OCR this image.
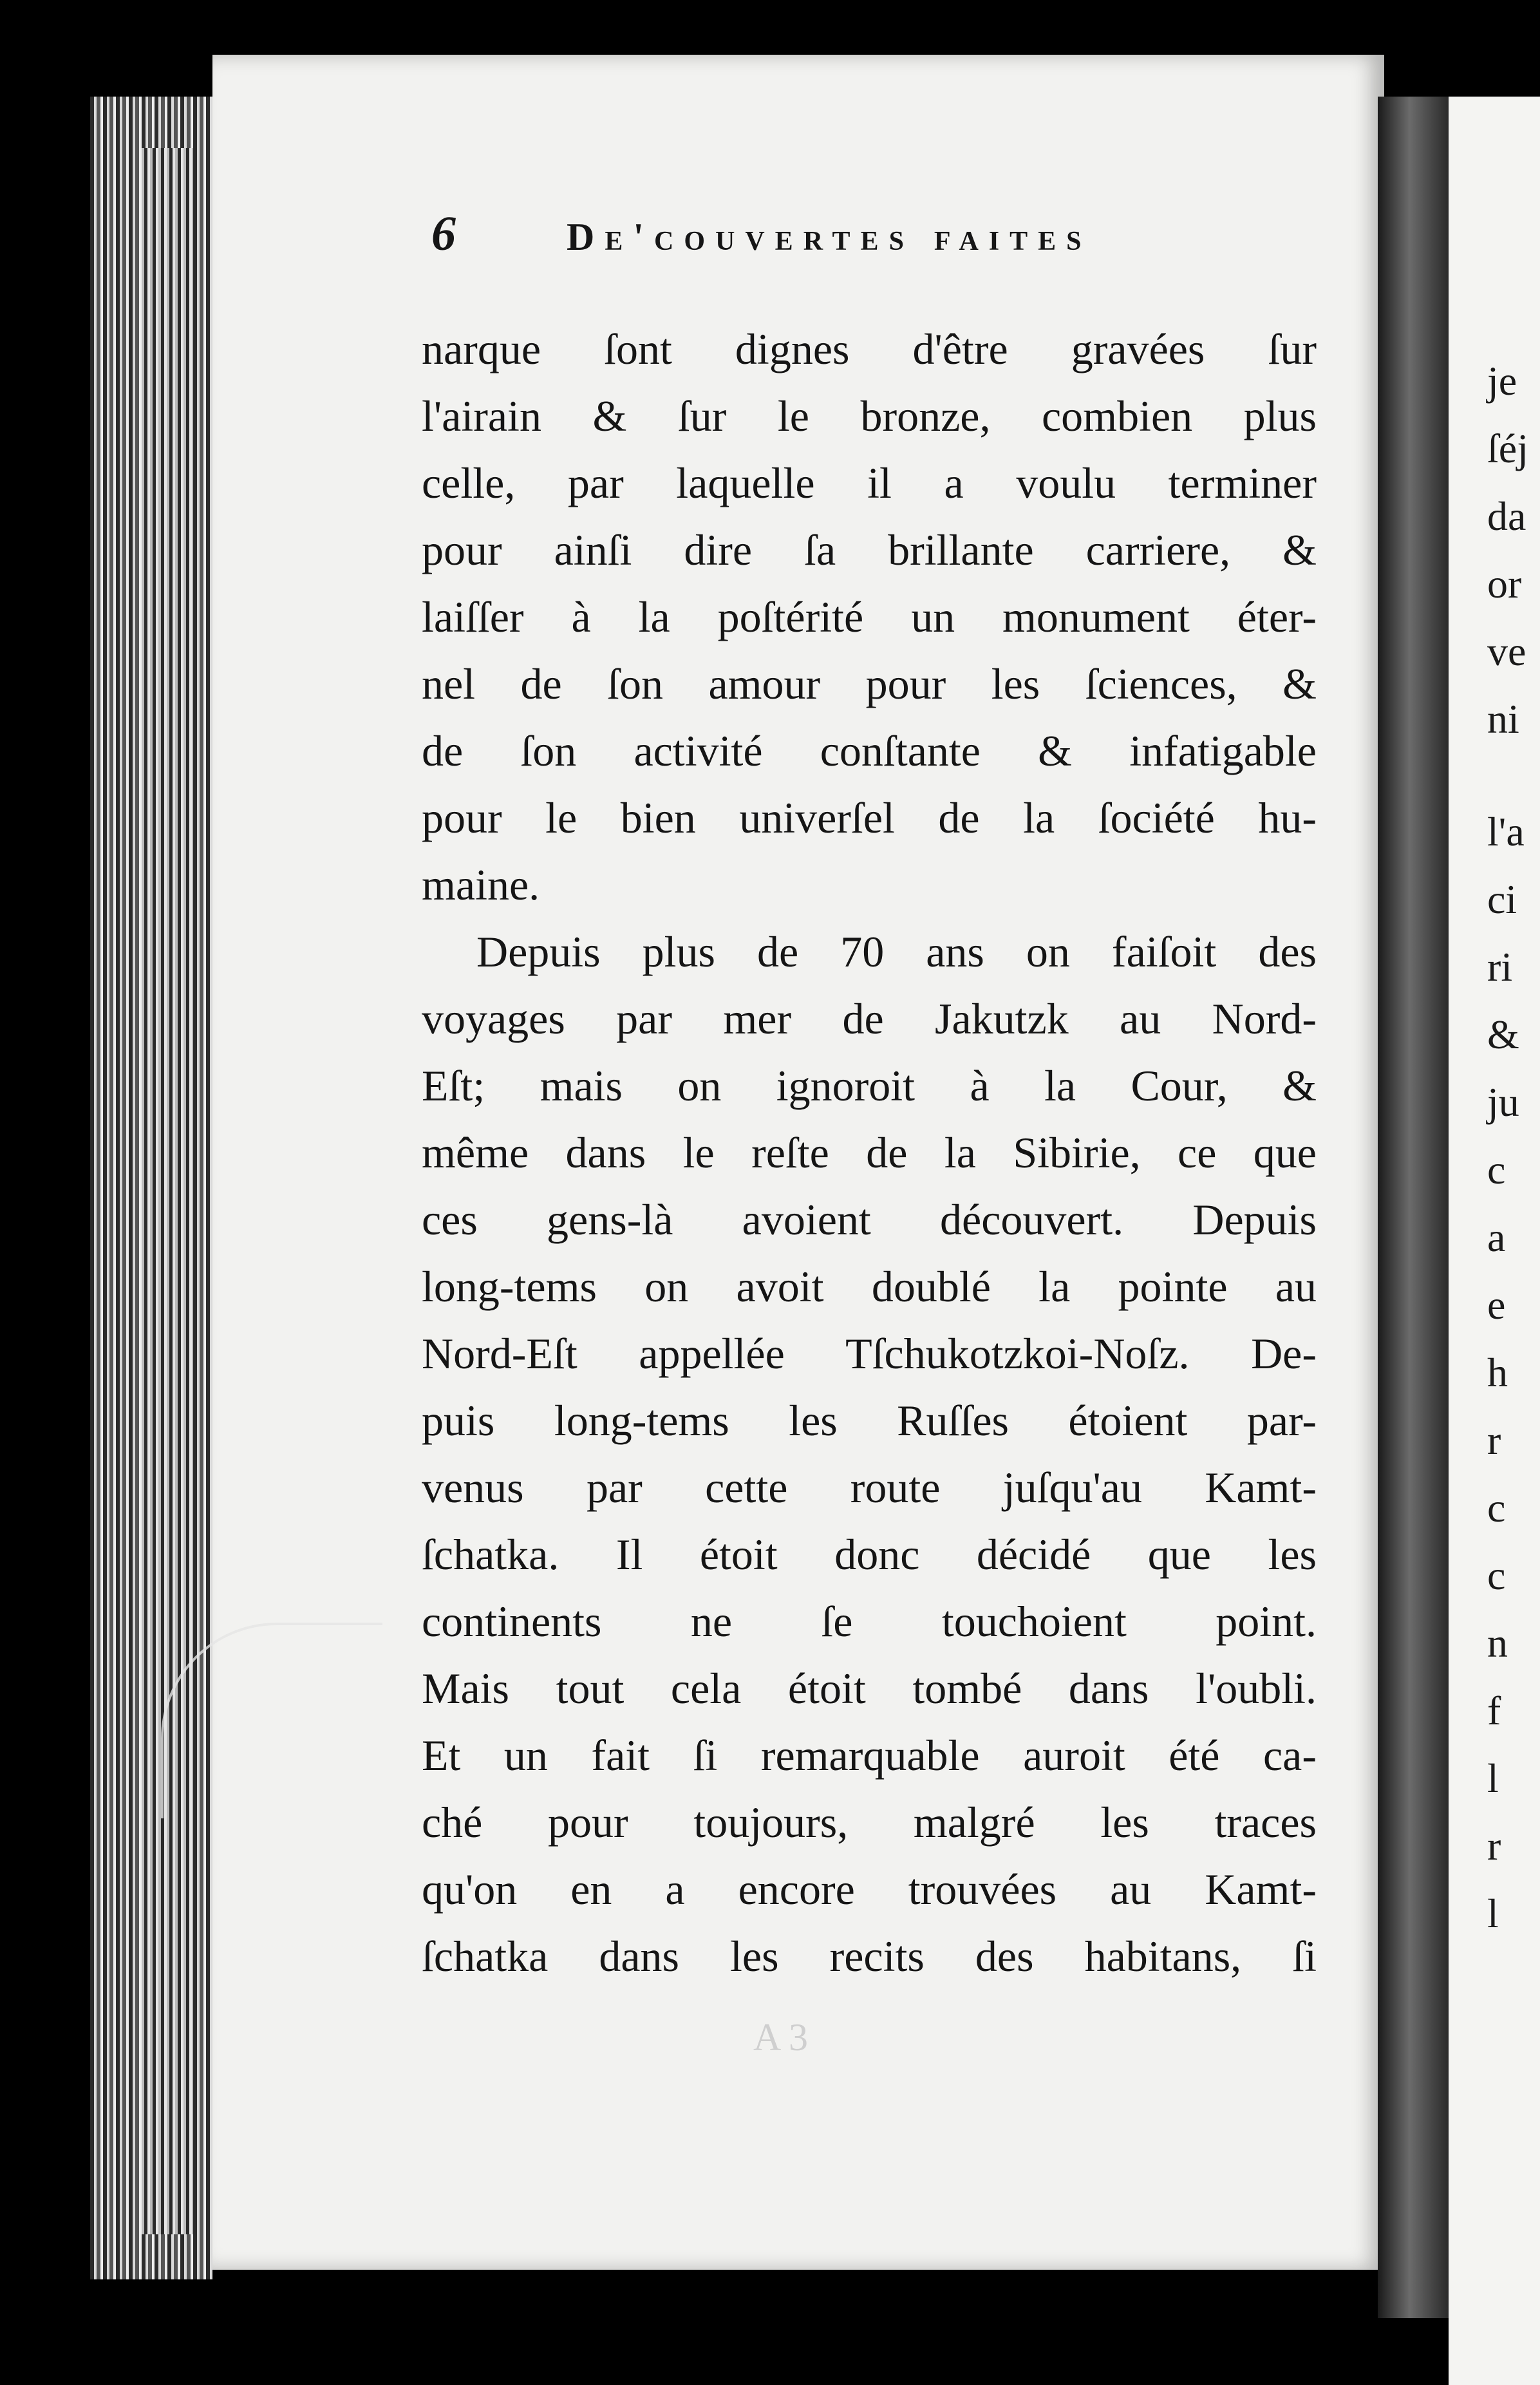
6	De'couvertes faites
narque ſont dignes d'être gravées ſur
l'airain & ſur le bronze, combien plus
celle, par laquelle il a voulu terminer
pour ainſi dire ſa brillante carriere, &
laiſſer à la poſtérité un monument éter-
nel de ſon amour pour les ſciences, &
de ſon activité conſtante & infatigable
pour le bien univerſel de la ſociété hu-
maine.
Depuis plus de 70 ans on faiſoit des
voyages par mer de Jakutzk au Nord-
Eſt; mais on ignoroit à la Cour, &
même dans le reſte de la Sibirie, ce que
ces gens-là avoient découvert. Depuis
long-tems on avoit doublé la pointe au
Nord-Eſt appellée Tſchukotzkoi-Noſz. De-
puis long-tems les Ruſſes étoient par-
venus par cette route juſqu'au Kamt-
ſchatka. Il étoit donc décidé que les
continents ne ſe touchoient point.
Mais tout cela étoit tombé dans l'oubli.
Et un fait ſi remarquable auroit été ca-
ché pour toujours, malgré les traces
qu'on en a encore trouvées au Kamt-
ſchatka dans les recits des habitans, ſi
A 3
je
ſéj
da
or
ve
ni
l'a
ci
ri
&
ju
c
a
e
h
r
c
c
n
f
l
r
l
